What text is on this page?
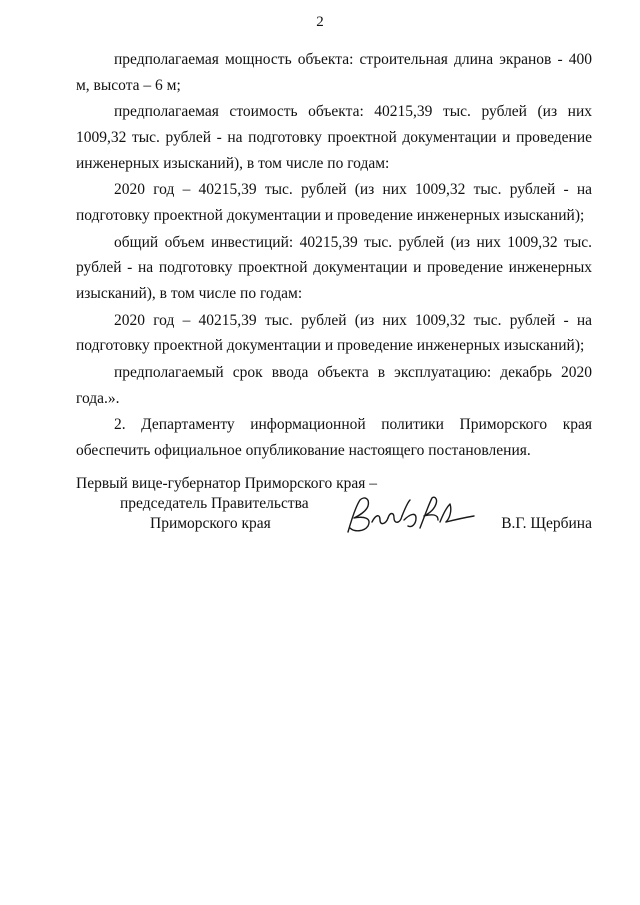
2

предполагаемая мощность объекта: строительная длина экранов - 400 м, высота – 6 м;

предполагаемая стоимость объекта: 40215,39 тыс. рублей (из них 1009,32 тыс. рублей - на подготовку проектной документации и проведение инженерных изысканий), в том числе по годам:

2020 год – 40215,39 тыс. рублей (из них 1009,32 тыс. рублей - на подготовку проектной документации и проведение инженерных изысканий);

общий объем инвестиций: 40215,39 тыс. рублей (из них 1009,32 тыс. рублей - на подготовку проектной документации и проведение инженерных изысканий), в том числе по годам:

2020 год – 40215,39 тыс. рублей (из них 1009,32 тыс. рублей - на подготовку проектной документации и проведение инженерных изысканий);

предполагаемый срок ввода объекта в эксплуатацию: декабрь 2020 года.».

2. Департаменту информационной политики Приморского края обеспечить официальное опубликование настоящего постановления.

Первый вице-губернатор Приморского края –
председатель Правительства
Приморского края	В.Г. Щербина
